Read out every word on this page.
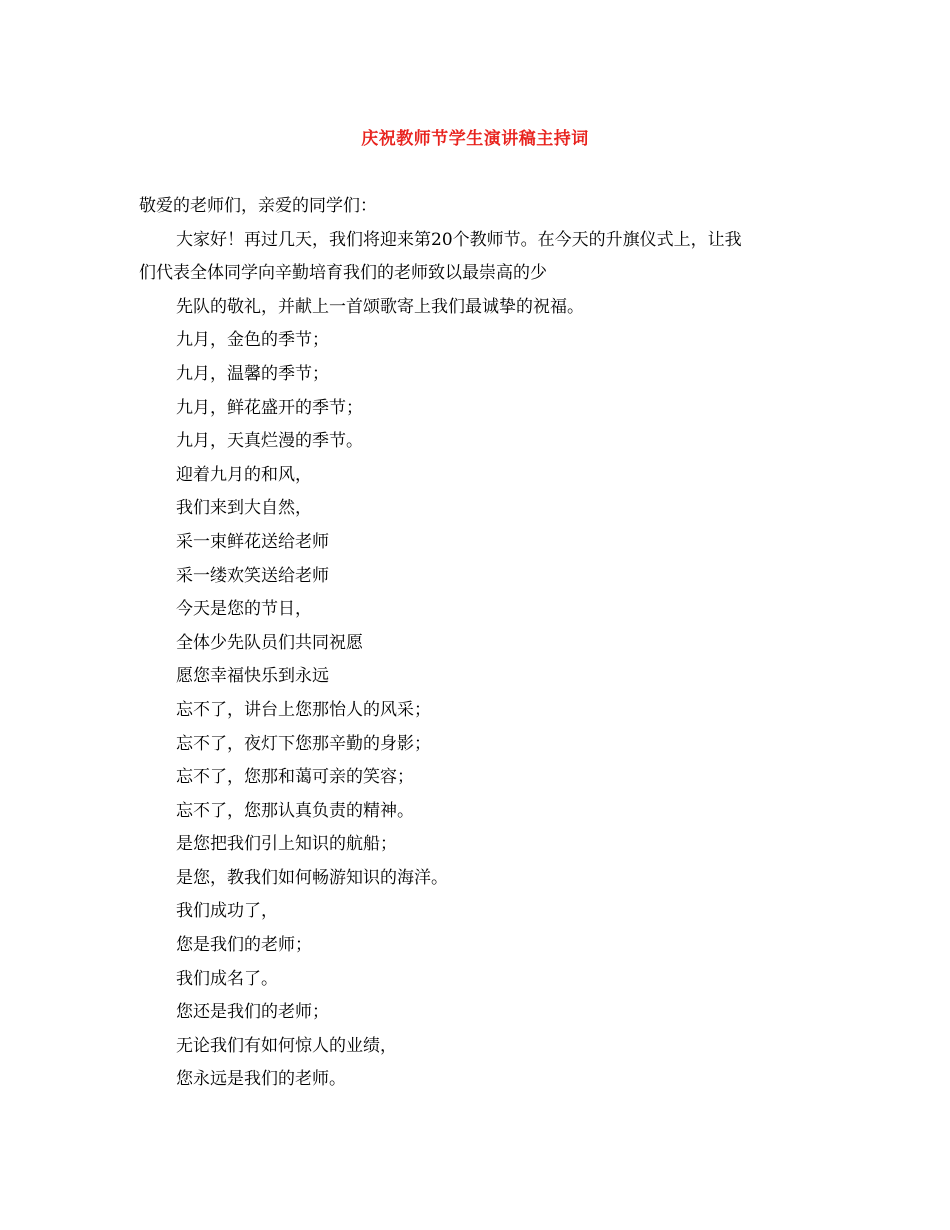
庆祝教师节学生演讲稿主持词
敬爱的老师们，亲爱的同学们：
大家好！再过几天，我们将迎来第20个教师节。在今天的升旗仪式上，让我
们代表全体同学向辛勤培育我们的老师致以最崇高的少
先队的敬礼，并献上一首颂歌寄上我们最诚挚的祝福。
九月，金色的季节；
九月，温馨的季节；
九月，鲜花盛开的季节；
九月，天真烂漫的季节。
迎着九月的和风，
我们来到大自然，
采一束鲜花送给老师
采一缕欢笑送给老师
今天是您的节日，
全体少先队员们共同祝愿
愿您幸福快乐到永远
忘不了，讲台上您那怡人的风采；
忘不了，夜灯下您那辛勤的身影；
忘不了，您那和蔼可亲的笑容；
忘不了，您那认真负责的精神。
是您把我们引上知识的航船；
是您，教我们如何畅游知识的海洋。
我们成功了，
您是我们的老师；
我们成名了。
您还是我们的老师；
无论我们有如何惊人的业绩，
您永远是我们的老师。
